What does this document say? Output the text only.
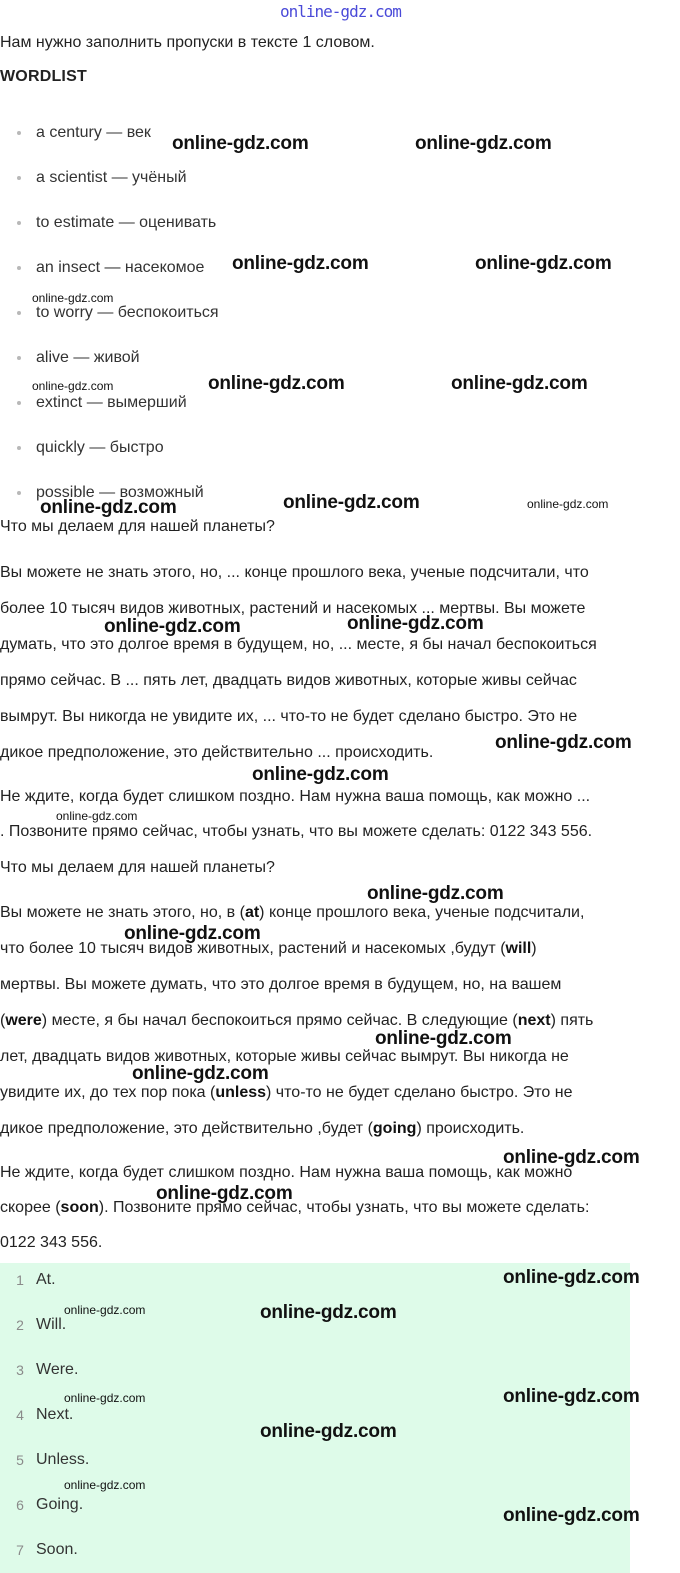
online-gdz.com
Нам нужно заполнить пропуски в тексте 1 словом.
WORDLIST
a century — век
a scientist — учёный
to estimate — оценивать
an insect — насекомое
to worry — беспокоиться
alive — живой
extinct — вымерший
quickly — быстро
possible — возможный
Что мы делаем для нашей планеты?
Вы можете не знать этого, но, ... конце прошлого века, ученые подсчитали, что
более 10 тысяч видов животных, растений и насекомых ... мертвы. Вы можете
думать, что это долгое время в будущем, но, ... месте, я бы начал беспокоиться
прямо сейчас. В ... пять лет, двадцать видов животных, которые живы сейчас
вымрут. Вы никогда не увидите их, ... что-то не будет сделано быстро. Это не
дикое предположение, это действительно ... происходить.
Не ждите, когда будет слишком поздно. Нам нужна ваша помощь, как можно ...
. Позвоните прямо сейчас, чтобы узнать, что вы можете сделать: 0122 343 556.
Что мы делаем для нашей планеты?
Вы можете не знать этого, но, в (at) конце прошлого века, ученые подсчитали,
что более 10 тысяч видов животных, растений и насекомых ,будут (will)
мертвы. Вы можете думать, что это долгое время в будущем, но, на вашем
(were) месте, я бы начал беспокоиться прямо сейчас. В следующие (next) пять
лет, двадцать видов животных, которые живы сейчас вымрут. Вы никогда не
увидите их, до тех пор пока (unless) что-то не будет сделано быстро. Это не
дикое предположение, это действительно ,будет (going) происходить.
Не ждите, когда будет слишком поздно. Нам нужна ваша помощь, как можно
скорее (soon). Позвоните прямо сейчас, чтобы узнать, что вы можете сделать:
0122 343 556.
1 At.
2 Will.
3 Were.
4 Next.
5 Unless.
6 Going.
7 Soon.
online-gdz.com	online-gdz.com
online-gdz.com	online-gdz.com
online-gdz.com	online-gdz.com
online-gdz.com	online-gdz.com
online-gdz.com	online-gdz.com
online-gdz.com
online-gdz.com
online-gdz.com
online-gdz.com
online-gdz.com
online-gdz.com
online-gdz.com
online-gdz.com
online-gdz.com
online-gdz.com
online-gdz.com
online-gdz.com
online-gdz.com
online-gdz.com
online-gdz.com
online-gdz.com
online-gdz.com
online-gdz.com
online-gdz.com
online-gdz.com
